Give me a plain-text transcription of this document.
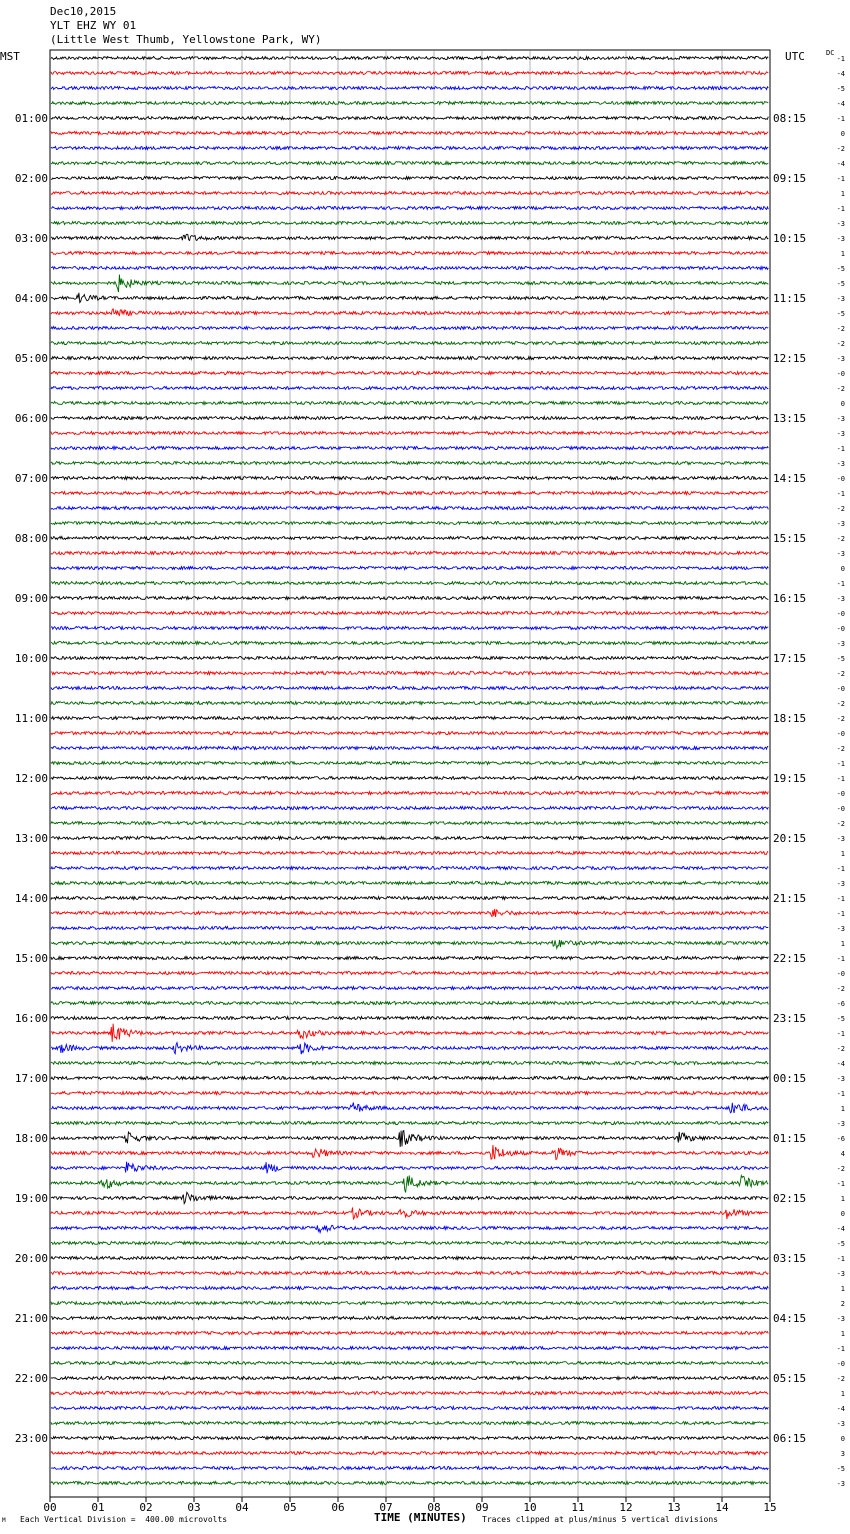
Dec10,2015
YLT EHZ WY 01
(Little West Thumb, Yellowstone Park, WY)
MST	UTC	DC
01:00
02:00
03:00
04:00
05:00
06:00
07:00
08:00
09:00
10:00
11:00
12:00
13:00
14:00
15:00
16:00
17:00
18:00
19:00
20:00
21:00
22:00
23:00
08:15
09:15
10:15
11:15
12:15
13:15
14:15
15:15
16:15
17:15
18:15
19:15
20:15
21:15
22:15
23:15
00:15
01:15
02:15
03:15
04:15
05:15
06:15
-1
-4
-5
-4
-1
0
-2
-4
-1
1
-1
-3
-3
1
-5
-5
-3
-5
-2
-2
-3
-0
-2
0
-3
-3
-1
-3
-0
-1
-2
-3
-2
-3
0
-1
-3
-0
-0
-3
-5
-2
-0
-2
-2
-0
-2
-1
-1
-0
-0
-2
-3
1
-1
-3
-1
-1
-3
1
-1
-0
-2
-6
-5
-1
-2
-4
-3
-1
1
-3
-6
4
-2
-1
1
0
-4
-5
-1
-3
1
2
-3
1
-1
-0
-2
1
-4
-3
0
3
-5
-3
00	01	02	03	04	05	06	07	08	09	10	11	12	13	14	15
M Each Vertical Division =  400.00 microvolts	TIME (MINUTES) Traces clipped at plus/minus 5 vertical divisions
